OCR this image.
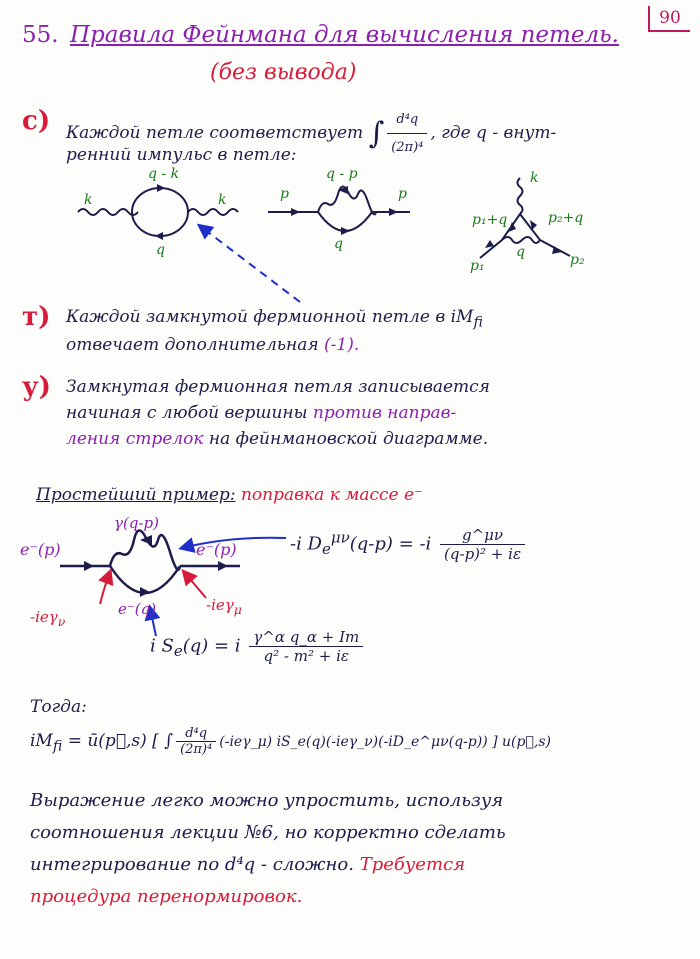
90
55. Правила Фейнмана для вычисления петель.
(без вывода)
с) Каждой петле соответствует ∫ $\frac{\text{d⁴q}}{\text{(2π)⁴}}$ , где q - внут-
ренний импульс в петле:
k	k
q - k
q
p	p
q - p
q
k
p₁+q	p₂+q
q
p₁	p₂
т) Каждой замкнутой фермионной петле в $iM_{fi}$
отвечает дополнительная (-1).
у) Замкнутая фермионная петля записывается
начиная с любой вершины против направ-
ления стрелок на фейнмановской диаграмме.
Простейший пример: поправка к массе e⁻
γ(q-p)
e⁻(p)	e⁻(p)
e⁻(q)
-ieγ$_\nu$
-ieγ$_\mu$
-i $D_e^{\mu\nu}(q-p) = -i \frac{g\^{}\mu\nu}{\text{(q-p)² + iε}}$
i $S_e(q) = i \frac{\text{γ\textasciicircum{}α q\_α + Im}}{\text{q² - m² + iε}}$
Тогда:
$iM_{fi}$ = ū(p⃗,s) [ ∫ $\frac{\text{d⁴q}}{\text{(2π)⁴}}$ (-ieγ_μ) iS_e(q)(-ieγ_ν)(-iD_e^μν(q-p)) ] u(p⃗,s)
Выражение легко можно упростить, используя
соотношения лекции №6, но корректно сделать
интегрирование по d⁴q - сложно. Требуется
процедура перенормировок.
